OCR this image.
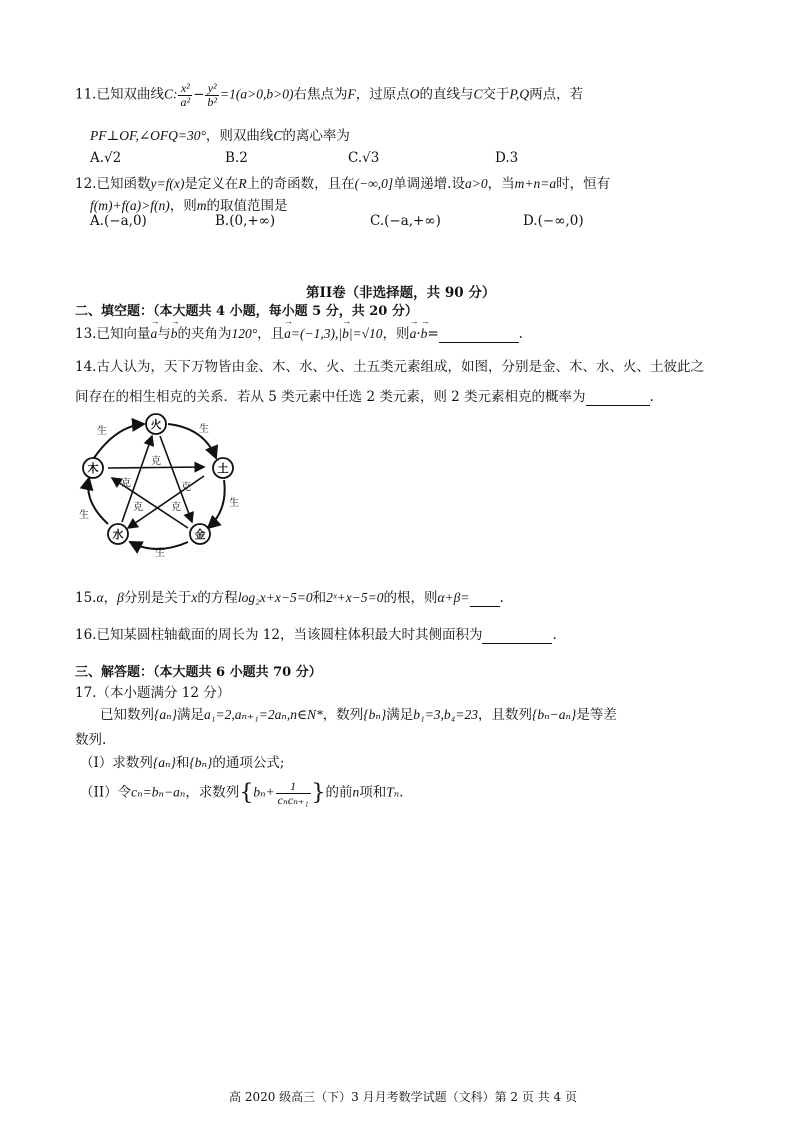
11.已知双曲线C: $\frac{\text{x²}}{\text{a²}} - \frac{\text{y²}}{\text{b²}} =1(a>0,b>0)$右焦点为F，过原点O的直线与C交于P,Q两点，若
PF⊥OF,∠OFQ=30°，则双曲线C的离心率为
A.√2	B.2	C.√3	D.3
12.已知函数y=f(x)是定义在R上的奇函数，且在(−∞,0]单调递增.设a>0，当m+n=a时，恒有
f(m)+f(a)>f(n)，则m的取值范围是
A.(−a,0)	B.(0,+∞)	C.(−a,+∞)	D.(−∞,0)
第II卷（非选择题，共 90 分）
二、填空题：（本大题共 4 小题，每小题 5 分，共 20 分）
13.已知向量→ a与→ b的夹角为120°，且→ a=(−1,3),|→ b|=√10，则→ a·→ b=	.
14.古人认为，天下万物皆由金、木、水、火、土五类元素组成，如图，分别是金、木、水、火、土彼此之
间存在的相生相克的关系．若从 5 类元素中任选 2 类元素，则 2 类元素相克的概率为	.
火
土
金
水
木
生	生
生
生
生
克
克	克
克	克
15.α，β分别是关于x的方程log₂x+x−5=0和2ˣ+x−5=0的根，则α+β= .
16.已知某圆柱轴截面的周长为 12，当该圆柱体积最大时其侧面积为	.
三、解答题：（本大题共 6 小题共 70 分）
17.（本小题满分 12 分）
已知数列{aₙ}满足a₁=2,aₙ₊₁=2aₙ,n∈N*，数列{bₙ}满足b₁=3,b₄=23，且数列{bₙ−aₙ}是等差
数列.
（I）求数列{aₙ}和{bₙ}的通项公式;
（II）令cₙ=bₙ−aₙ，求数列{$b_n+ \frac{1}{\text{cₙcₙ₊₁}}$ }的前n项和Tₙ.
高 2020 级高三（下）3 月月考数学试题（文科）第 2 页 共 4 页
